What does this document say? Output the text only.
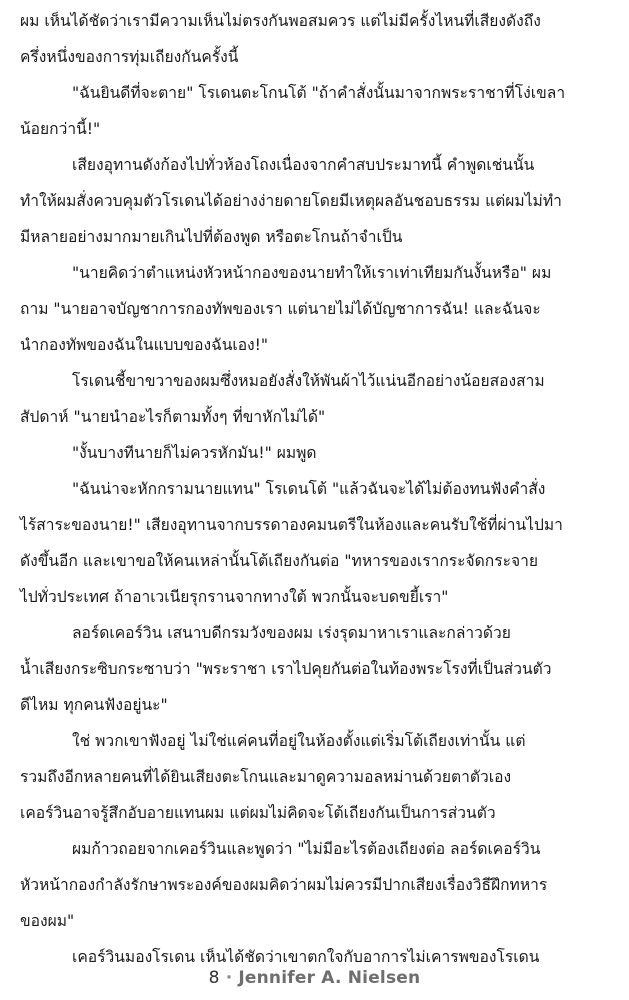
ผม เห็นได้ชัดว่าเรามีความเห็นไม่ตรงกันพอสมควร แต่ไม่มีครั้งไหนที่เสียงดังถึง
ครึ่งหนึ่งของการทุ่มเถียงกันครั้งนี้
"ฉันยินดีที่จะตาย" โรเดนตะโกนโต้ "ถ้าคำสั่งนั้นมาจากพระราชาที่โง่เขลา
น้อยกว่านี้!"
เสียงอุทานดังก้องไปทั่วห้องโถงเนื่องจากคำสบประมาทนี้ คำพูดเช่นนั้น
ทำให้ผมสั่งควบคุมตัวโรเดนได้อย่างง่ายดายโดยมีเหตุผลอันชอบธรรม แต่ผมไม่ทำ
มีหลายอย่างมากมายเกินไปที่ต้องพูด หรือตะโกนถ้าจำเป็น
"นายคิดว่าตำแหน่งหัวหน้ากองของนายทำให้เราเท่าเทียมกันงั้นหรือ" ผม
ถาม "นายอาจบัญชาการกองทัพของเรา แต่นายไม่ได้บัญชาการฉัน! และฉันจะ
นำกองทัพของฉันในแบบของฉันเอง!"
โรเดนชี้ขาขวาของผมซึ่งหมอยังสั่งให้พันผ้าไว้แน่นอีกอย่างน้อยสองสาม
สัปดาห์ "นายนำอะไรก็ตามทั้งๆ ที่ขาหักไม่ได้"
"งั้นบางทีนายก็ไม่ควรหักมัน!" ผมพูด
"ฉันน่าจะหักกรามนายแทน" โรเดนโต้ "แล้วฉันจะได้ไม่ต้องทนฟังคำสั่ง
ไร้สาระของนาย!" เสียงอุทานจากบรรดาองคมนตรีในห้องและคนรับใช้ที่ผ่านไปมา
ดังขึ้นอีก และเขาขอให้คนเหล่านั้นโต้เถียงกันต่อ "ทหารของเรากระจัดกระจาย
ไปทั่วประเทศ ถ้าอาเวเนียรุกรานจากทางใต้ พวกนั้นจะบดขยี้เรา"
ลอร์ดเคอร์วิน เสนาบดีกรมวังของผม เร่งรุดมาหาเราและกล่าวด้วย
น้ำเสียงกระซิบกระซาบว่า "พระราชา เราไปคุยกันต่อในท้องพระโรงที่เป็นส่วนตัว
ดีไหม ทุกคนฟังอยู่นะ"
ใช่ พวกเขาฟังอยู่ ไม่ใช่แค่คนที่อยู่ในห้องตั้งแต่เริ่มโต้เถียงเท่านั้น แต่
รวมถึงอีกหลายคนที่ได้ยินเสียงตะโกนและมาดูความอลหม่านด้วยตาตัวเอง
เคอร์วินอาจรู้สึกอับอายแทนผม แต่ผมไม่คิดจะโต้เถียงกันเป็นการส่วนตัว
ผมก้าวถอยจากเคอร์วินและพูดว่า "ไม่มีอะไรต้องเถียงต่อ ลอร์ดเคอร์วิน
หัวหน้ากองกำลังรักษาพระองค์ของผมคิดว่าผมไม่ควรมีปากเสียงเรื่องวิธีฝึกทหาร
ของผม"
เคอร์วินมองโรเดน เห็นได้ชัดว่าเขาตกใจกับอาการไม่เคารพของโรเดน
8 · Jennifer A. Nielsen
